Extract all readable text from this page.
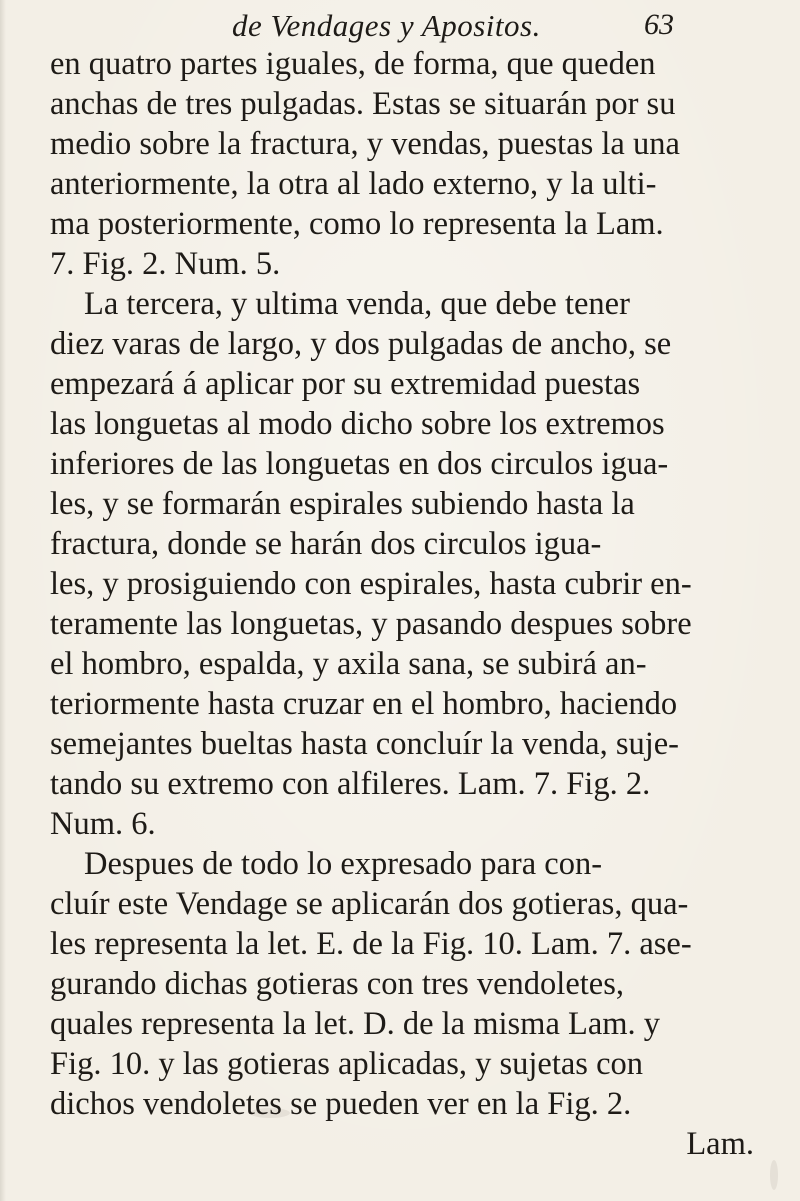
de Vendages y Apositos.	63
en quatro partes iguales, de forma, que queden
anchas de tres pulgadas. Estas se situarán por su
medio sobre la fractura, y vendas, puestas la una
anteriormente, la otra al lado externo, y la ulti-
ma posteriormente, como lo representa la Lam.
7. Fig. 2. Num. 5.
La tercera, y ultima venda, que debe tener
diez varas de largo, y dos pulgadas de ancho, se
empezará á aplicar por su extremidad puestas
las longuetas al modo dicho sobre los extremos
inferiores de las longuetas en dos circulos igua-
les, y se formarán espirales subiendo hasta la
fractura, donde se harán dos circulos igua-
les, y prosiguiendo con espirales, hasta cubrir en-
teramente las longuetas, y pasando despues sobre
el hombro, espalda, y axila sana, se subirá an-
teriormente hasta cruzar en el hombro, haciendo
semejantes bueltas hasta concluír la venda, suje-
tando su extremo con alfileres. Lam. 7. Fig. 2.
Num. 6.
Despues de todo lo expresado para con-
cluír este Vendage se aplicarán dos gotieras, qua-
les representa la let. E. de la Fig. 10. Lam. 7. ase-
gurando dichas gotieras con tres vendoletes,
quales representa la let. D. de la misma Lam. y
Fig. 10. y las gotieras aplicadas, y sujetas con
dichos vendoletes se pueden ver en la Fig. 2.
Lam.
